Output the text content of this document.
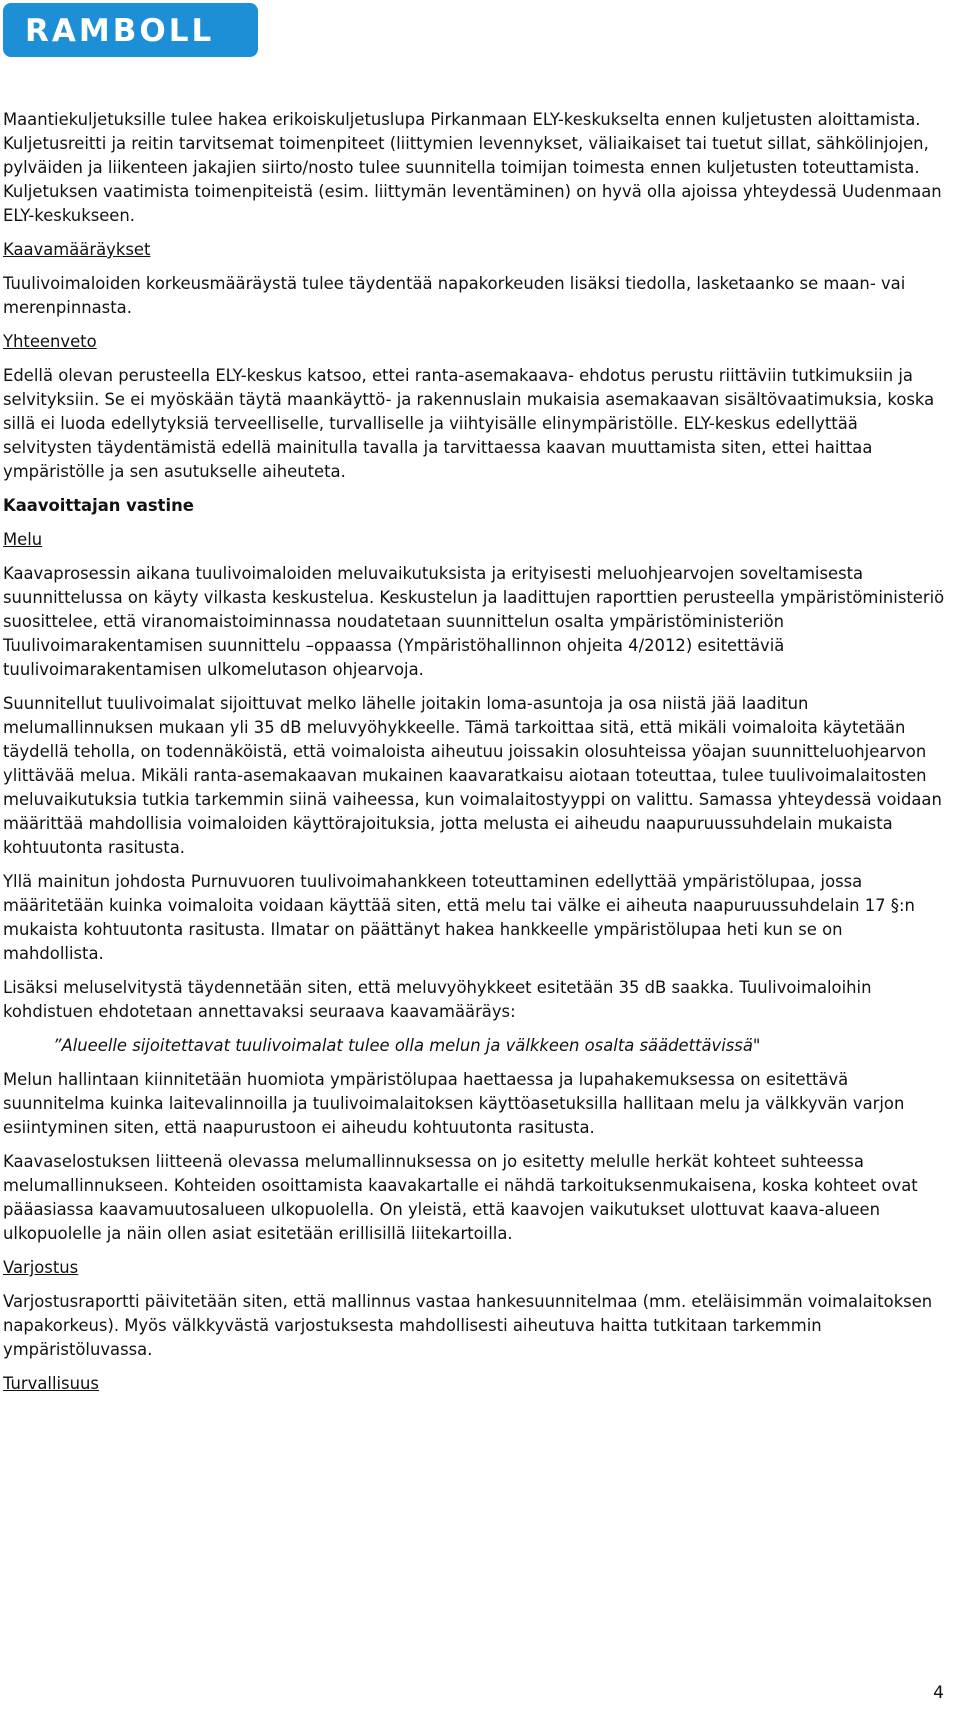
RAMBOLL

Maantiekuljetuksille tulee hakea erikoiskuljetuslupa Pirkanmaan ELY-keskukselta ennen kuljetusten aloittamista. Kuljetusreitti ja reitin tarvitsemat toimenpiteet (liittymien levennykset, väliaikaiset tai tuetut sillat, sähkölinjojen, pylväiden ja liikenteen jakajien siirto/nosto tulee suunnitella toimijan toimesta ennen kuljetusten toteuttamista. Kuljetuksen vaatimista toimenpiteistä (esim. liittymän leventäminen) on hyvä olla ajoissa yhteydessä Uudenmaan ELY-keskukseen.

Kaavamääräykset

Tuulivoimaloiden korkeusmääräystä tulee täydentää napakorkeuden lisäksi tiedolla, lasketaanko se maan- vai merenpinnasta.

Yhteenveto

Edellä olevan perusteella ELY-keskus katsoo, ettei ranta-asemakaava- ehdotus perustu riittäviin tutkimuksiin ja selvityksiin. Se ei myöskään täytä maankäyttö- ja rakennuslain mukaisia asemakaavan sisältövaatimuksia, koska sillä ei luoda edellytyksiä terveelliselle, turvalliselle ja viihtyisälle elinympäristölle. ELY-keskus edellyttää selvitysten täydentämistä edellä mainitulla tavalla ja tarvittaessa kaavan muuttamista siten, ettei haittaa ympäristölle ja sen asutukselle aiheuteta.

Kaavoittajan vastine

Melu

Kaavaprosessin aikana tuulivoimaloiden meluvaikutuksista ja erityisesti meluohjearvojen soveltamisesta suunnittelussa on käyty vilkasta keskustelua. Keskustelun ja laadittujen raporttien perusteella ympäristöministeriö suosittelee, että viranomaistoiminnassa noudatetaan suunnittelun osalta ympäristöministeriön Tuulivoimarakentamisen suunnittelu –oppaassa (Ympäristöhallinnon ohjeita 4/2012) esitettäviä tuulivoimarakentamisen ulkomelutason ohjearvoja.

Suunnitellut tuulivoimalat sijoittuvat melko lähelle joitakin loma-asuntoja ja osa niistä jää laaditun melumallinnuksen mukaan yli 35 dB meluvyöhykkeelle. Tämä tarkoittaa sitä, että mikäli voimaloita käytetään täydellä teholla, on todennäköistä, että voimaloista aiheutuu joissakin olosuhteissa yöajan suunnitteluohjearvon ylittävää melua. Mikäli ranta-asemakaavan mukainen kaavaratkaisu aiotaan toteuttaa, tulee tuulivoimalaitosten meluvaikutuksia tutkia tarkemmin siinä vaiheessa, kun voimalaitostyyppi on valittu. Samassa yhteydessä voidaan määrittää mahdollisia voimaloiden käyttörajoituksia, jotta melusta ei aiheudu naapuruussuhdelain mukaista kohtuutonta rasitusta.

Yllä mainitun johdosta Purnuvuoren tuulivoimahankkeen toteuttaminen edellyttää ympäristölupaa, jossa määritetään kuinka voimaloita voidaan käyttää siten, että melu tai välke ei aiheuta naapuruussuhdelain 17 §:n mukaista kohtuutonta rasitusta. Ilmatar on päättänyt hakea hankkeelle ympäristölupaa heti kun se on mahdollista.

Lisäksi meluselvitystä täydennetään siten, että meluvyöhykkeet esitetään 35 dB saakka. Tuulivoimaloihin kohdistuen ehdotetaan annettavaksi seuraava kaavamääräys:

”Alueelle sijoitettavat tuulivoimalat tulee olla melun ja välkkeen osalta säädettävissä"

Melun hallintaan kiinnitetään huomiota ympäristölupaa haettaessa ja lupahakemuksessa on esitettävä suunnitelma kuinka laitevalinnoilla ja tuulivoimalaitoksen käyttöasetuksilla hallitaan melu ja välkkyvän varjon esiintyminen siten, että naapurustoon ei aiheudu kohtuutonta rasitusta.

Kaavaselostuksen liitteenä olevassa melumallinnuksessa on jo esitetty melulle herkät kohteet suhteessa melumallinnukseen. Kohteiden osoittamista kaavakartalle ei nähdä tarkoituksenmukaisena, koska kohteet ovat pääasiassa kaavamuutosalueen ulkopuolella. On yleistä, että kaavojen vaikutukset ulottuvat kaava-alueen ulkopuolelle ja näin ollen asiat esitetään erillisillä liitekartoilla.

Varjostus

Varjostusraportti päivitetään siten, että mallinnus vastaa hankesuunnitelmaa (mm. eteläisimmän voimalaitoksen napakorkeus). Myös välkkyvästä varjostuksesta mahdollisesti aiheutuva haitta tutkitaan tarkemmin ympäristöluvassa.

Turvallisuus

4
